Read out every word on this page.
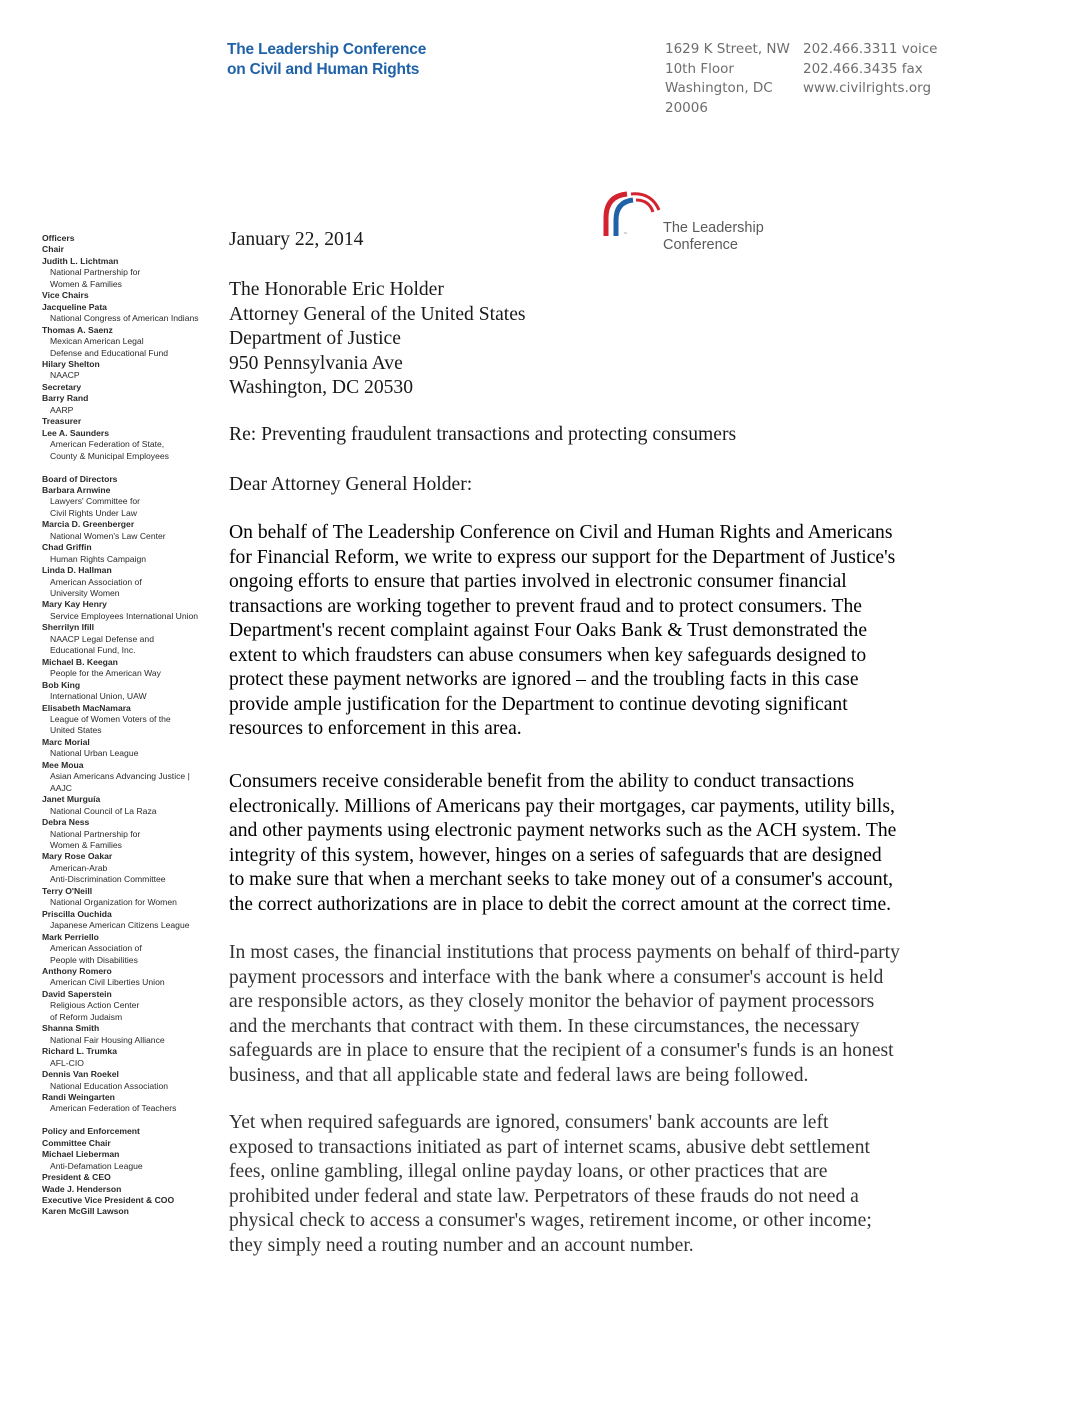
The Leadership Conference
on Civil and Human Rights
1629 K Street, NW
10th Floor
Washington, DC
20006
202.466.3311 voice
202.466.3435 fax
www.civilrights.org
™ The Leadership
Conference
Officers
Chair
Judith L. Lichtman
National Partnership for
Women & Families
Vice Chairs
Jacqueline Pata
National Congress of American Indians
Thomas A. Saenz
Mexican American Legal
Defense and Educational Fund
Hilary Shelton
NAACP
Secretary
Barry Rand
AARP
Treasurer
Lee A. Saunders
American Federation of State,
County & Municipal Employees
Board of Directors
Barbara Arnwine
Lawyers' Committee for
Civil Rights Under Law
Marcia D. Greenberger
National Women's Law Center
Chad Griffin
Human Rights Campaign
Linda D. Hallman
American Association of
University Women
Mary Kay Henry
Service Employees International Union
Sherrilyn Ifill
NAACP Legal Defense and
Educational Fund, Inc.
Michael B. Keegan
People for the American Way
Bob King
International Union, UAW
Elisabeth MacNamara
League of Women Voters of the
United States
Marc Morial
National Urban League
Mee Moua
Asian Americans Advancing Justice |
AAJC
Janet Murguía
National Council of La Raza
Debra Ness
National Partnership for
Women & Families
Mary Rose Oakar
American-Arab
Anti-Discrimination Committee
Terry O'Neill
National Organization for Women
Priscilla Ouchida
Japanese American Citizens League
Mark Perriello
American Association of
People with Disabilities
Anthony Romero
American Civil Liberties Union
David Saperstein
Religious Action Center
of Reform Judaism
Shanna Smith
National Fair Housing Alliance
Richard L. Trumka
AFL-CIO
Dennis Van Roekel
National Education Association
Randi Weingarten
American Federation of Teachers
Policy and Enforcement
Committee Chair
Michael Lieberman
Anti-Defamation League
President & CEO
Wade J. Henderson
Executive Vice President & COO
Karen McGill Lawson
January 22, 2014
The Honorable Eric Holder
Attorney General of the United States
Department of Justice
950 Pennsylvania Ave
Washington, DC 20530
Re: Preventing fraudulent transactions and protecting consumers
Dear Attorney General Holder:
On behalf of The Leadership Conference on Civil and Human Rights and Americans
for Financial Reform, we write to express our support for the Department of Justice's
ongoing efforts to ensure that parties involved in electronic consumer financial
transactions are working together to prevent fraud and to protect consumers. The
Department's recent complaint against Four Oaks Bank & Trust demonstrated the
extent to which fraudsters can abuse consumers when key safeguards designed to
protect these payment networks are ignored – and the troubling facts in this case
provide ample justification for the Department to continue devoting significant
resources to enforcement in this area.
Consumers receive considerable benefit from the ability to conduct transactions
electronically. Millions of Americans pay their mortgages, car payments, utility bills,
and other payments using electronic payment networks such as the ACH system. The
integrity of this system, however, hinges on a series of safeguards that are designed
to make sure that when a merchant seeks to take money out of a consumer's account,
the correct authorizations are in place to debit the correct amount at the correct time.
In most cases, the financial institutions that process payments on behalf of third-party
payment processors and interface with the bank where a consumer's account is held
are responsible actors, as they closely monitor the behavior of payment processors
and the merchants that contract with them. In these circumstances, the necessary
safeguards are in place to ensure that the recipient of a consumer's funds is an honest
business, and that all applicable state and federal laws are being followed.
Yet when required safeguards are ignored, consumers' bank accounts are left
exposed to transactions initiated as part of internet scams, abusive debt settlement
fees, online gambling, illegal online payday loans, or other practices that are
prohibited under federal and state law. Perpetrators of these frauds do not need a
physical check to access a consumer's wages, retirement income, or other income;
they simply need a routing number and an account number.
